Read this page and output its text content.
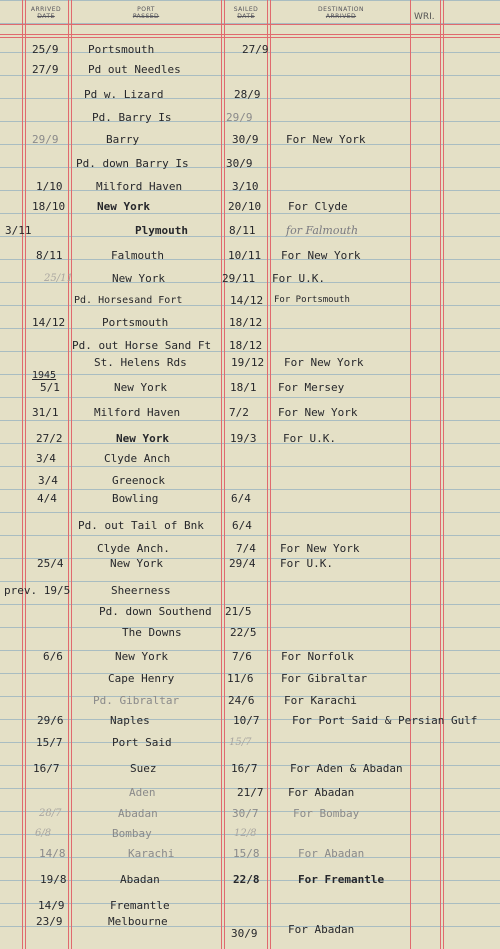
ARRIVED
DATE
PORT
PASSED
SAILED
DATE
DESTINATION
ARRIVED	WRI.
1945
25/9	Portsmouth	27/9
27/9	Pd out Needles
Pd w. Lizard	28/9
Pd. Barry Is	29/9
29/9	Barry	30/9	For New York
Pd. down Barry Is	30/9
1/10	Milford Haven	3/10
18/10	New York	20/10 For Clyde
3/11	Plymouth	8/11	for Falmouth
8/11	Falmouth	10/11 For New York
25/11	New York	29/11 For U.K.
Pd. Horsesand Fort	14/12 For Portsmouth
14/12	Portsmouth	18/12
Pd. out Horse Sand Ft 18/12
St. Helens Rds	19/12 For New York
5/1	New York	18/1 For Mersey
31/1	Milford Haven	7/2	For New York
27/2	New York	19/3 For U.K.
3/4	Clyde Anch
3/4	Greenock
4/4	Bowling	6/4
Pd. out Tail of Bnk	6/4
Clyde Anch.	7/4 For New York
25/4	New York	29/4 For U.K.
prev. 19/5	Sheerness
Pd. down Southend 21/5
The Downs	22/5
6/6	New York	7/6	For Norfolk
Cape Henry	11/6	For Gibraltar
Pd. Gibraltar	24/6	For Karachi
29/6	Naples	10/7	For Port Said & Persian Gulf
15/7	Port Said	15/7
16/7	Suez	16/7	For Aden & Abadan
Aden	21/7 For Abadan
28/7	Abadan	30/7	For Bombay
6/8	Bombay	12/8
14/8	Karachi	15/8	For Abadan
19/8	Abadan	22/8	For Fremantle
14/9	Fremantle
23/9	Melbourne
30/9	For Abadan
